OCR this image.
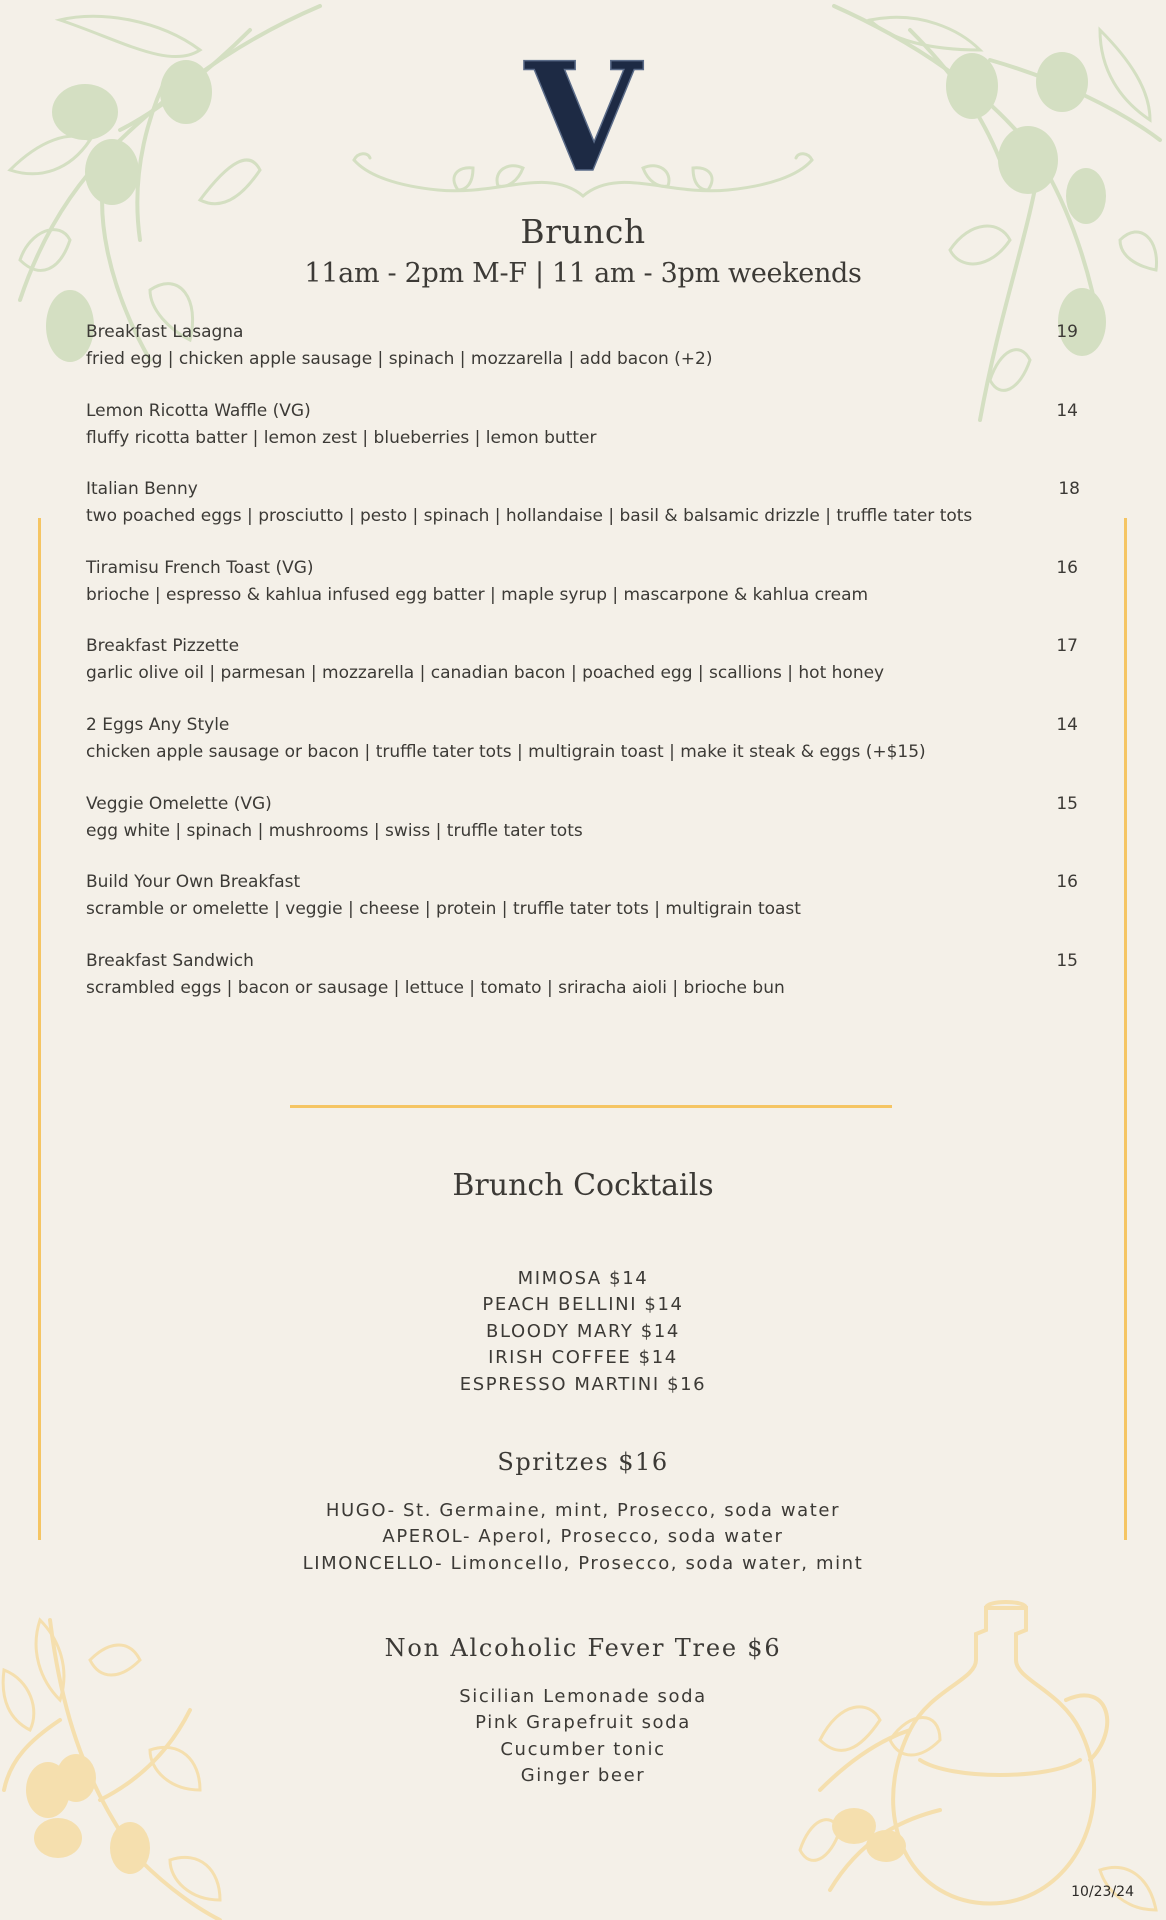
V
Brunch
11am - 2pm M-F | 11 am - 3pm weekends
Breakfast Lasagna	19
fried egg | chicken apple sausage | spinach | mozzarella | add bacon (+2)
Lemon Ricotta Waffle (VG)	14
fluffy ricotta batter | lemon zest | blueberries | lemon butter
Italian Benny	18
two poached eggs | prosciutto | pesto | spinach | hollandaise | basil & balsamic drizzle | truffle tater tots
Tiramisu French Toast (VG)	16
brioche | espresso & kahlua infused egg batter | maple syrup | mascarpone & kahlua cream
Breakfast Pizzette	17
garlic olive oil | parmesan | mozzarella | canadian bacon | poached egg | scallions | hot honey
2 Eggs Any Style	14
chicken apple sausage or bacon | truffle tater tots | multigrain toast | make it steak & eggs (+$15)
Veggie Omelette (VG)	15
egg white | spinach | mushrooms | swiss | truffle tater tots
Build Your Own Breakfast	16
scramble or omelette | veggie | cheese | protein | truffle tater tots | multigrain toast
Breakfast Sandwich	15
scrambled eggs | bacon or sausage | lettuce | tomato | sriracha aioli | brioche bun
Brunch Cocktails
MIMOSA $14
PEACH BELLINI $14
BLOODY MARY $14
IRISH COFFEE $14
ESPRESSO MARTINI $16
Spritzes $16
HUGO- St. Germaine, mint, Prosecco, soda water
APEROL- Aperol, Prosecco, soda water
LIMONCELLO- Limoncello, Prosecco, soda water, mint
Non Alcoholic Fever Tree $6
Sicilian Lemonade soda
Pink Grapefruit soda
Cucumber tonic
Ginger beer
10/23/24
